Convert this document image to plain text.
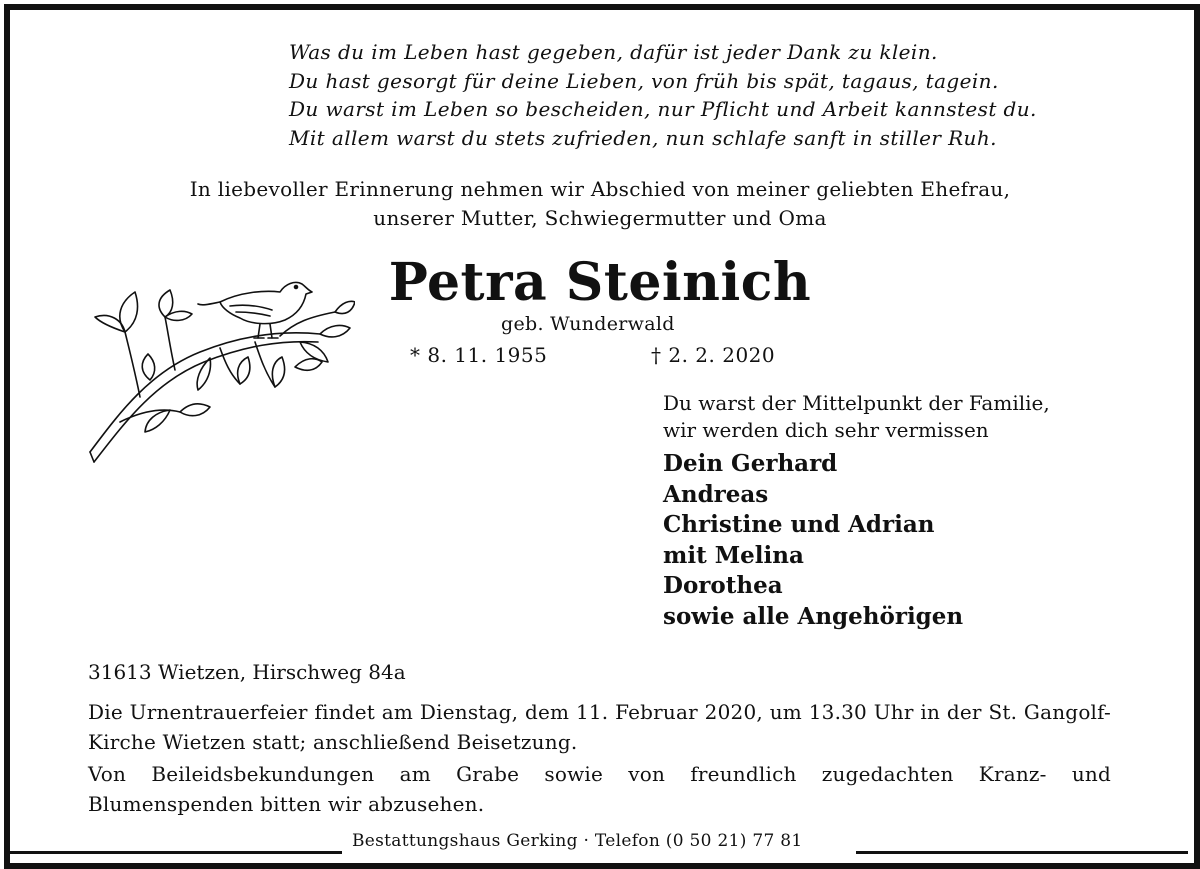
Was du im Leben hast gegeben, dafür ist jeder Dank zu klein.
Du hast gesorgt für deine Lieben, von früh bis spät, tagaus, tagein.
Du warst im Leben so bescheiden, nur Pflicht und Arbeit kannstest du.
Mit allem warst du stets zufrieden, nun schlafe sanft in stiller Ruh.
In liebevoller Erinnerung nehmen wir Abschied von meiner geliebten Ehefrau,
unserer Mutter, Schwiegermutter und Oma
Petra Steinich
geb. Wunderwald
* 8. 11. 1955	† 2. 2. 2020
Du warst der Mittelpunkt der Familie,
wir werden dich sehr vermissen
Dein Gerhard
Andreas
Christine und Adrian
mit Melina
Dorothea
sowie alle Angehörigen
31613 Wietzen, Hirschweg 84a
Die Urnentrauerfeier findet am Dienstag, dem 11. Februar 2020, um 13.30 Uhr in der St. Gangolf-Kirche Wietzen statt; anschließend Beisetzung.
Von Beileidsbekundungen am Grabe sowie von freundlich zugedachten Kranz- und Blumenspenden bitten wir abzusehen.
Bestattungshaus Gerking · Telefon (0 50 21) 77 81
